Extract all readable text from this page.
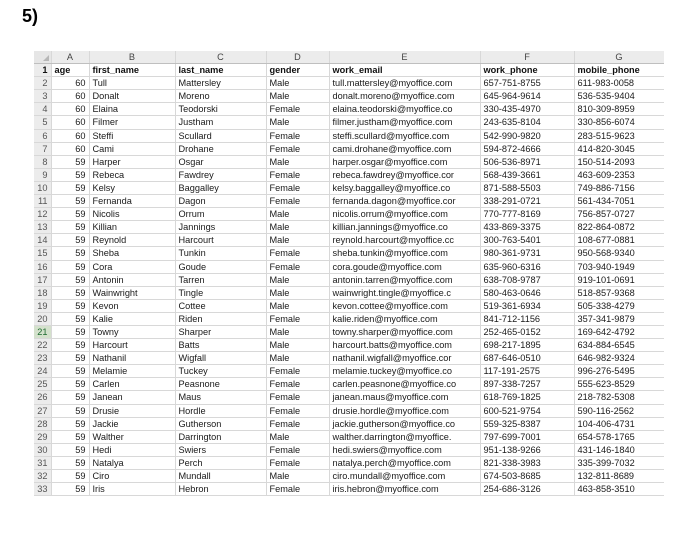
5)
	A	B	C	D	E	F	G
1	age	first_name	last_name	gender	work_email	work_phone	mobile_phone
2	60	Tull	Mattersley	Male	tull.mattersley@myoffice.com	657-751-8755	611-983-0058
3	60	Donalt	Moreno	Male	donalt.moreno@myoffice.com	645-964-9614	536-535-9404
4	60	Elaina	Teodorski	Female	elaina.teodorski@myoffice.co	330-435-4970	810-309-8959
5	60	Filmer	Justham	Male	filmer.justham@myoffice.com	243-635-8104	330-856-6074
6	60	Steffi	Scullard	Female	steffi.scullard@myoffice.com	542-990-9820	283-515-9623
7	60	Cami	Drohane	Female	cami.drohane@myoffice.com	594-872-4666	414-820-3045
8	59	Harper	Osgar	Male	harper.osgar@myoffice.com	506-536-8971	150-514-2093
9	59	Rebeca	Fawdrey	Female	rebeca.fawdrey@myoffice.cor	568-439-3661	463-609-2353
10	59	Kelsy	Baggalley	Female	kelsy.baggalley@myoffice.co	871-588-5503	749-886-7156
11	59	Fernanda	Dagon	Female	fernanda.dagon@myoffice.cor	338-291-0721	561-434-7051
12	59	Nicolis	Orrum	Male	nicolis.orrum@myoffice.com	770-777-8169	756-857-0727
13	59	Killian	Jannings	Male	killian.jannings@myoffice.co	433-869-3375	822-864-0872
14	59	Reynold	Harcourt	Male	reynold.harcourt@myoffice.cc	300-763-5401	108-677-0881
15	59	Sheba	Tunkin	Female	sheba.tunkin@myoffice.com	980-361-9731	950-568-9340
16	59	Cora	Goude	Female	cora.goude@myoffice.com	635-960-6316	703-940-1949
17	59	Antonin	Tarren	Male	antonin.tarren@myoffice.com	638-708-9787	919-101-0691
18	59	Wainwright	Tingle	Male	wainwright.tingle@myoffice.c	580-463-0646	518-857-9368
19	59	Kevon	Cottee	Male	kevon.cottee@myoffice.com	519-361-6934	505-338-4279
20	59	Kalie	Riden	Female	kalie.riden@myoffice.com	841-712-1156	357-341-9879
21	59	Towny	Sharper	Male	towny.sharper@myoffice.com	252-465-0152	169-642-4792
22	59	Harcourt	Batts	Male	harcourt.batts@myoffice.com	698-217-1895	634-884-6545
23	59	Nathanil	Wigfall	Male	nathanil.wigfall@myoffice.cor	687-646-0510	646-982-9324
24	59	Melamie	Tuckey	Female	melamie.tuckey@myoffice.co	117-191-2575	996-276-5495
25	59	Carlen	Peasnone	Female	carlen.peasnone@myoffice.co	897-338-7257	555-623-8529
26	59	Janean	Maus	Female	janean.maus@myoffice.com	618-769-1825	218-782-5308
27	59	Drusie	Hordle	Female	drusie.hordle@myoffice.com	600-521-9754	590-116-2562
28	59	Jackie	Gutherson	Female	jackie.gutherson@myoffice.co	559-325-8387	104-406-4731
29	59	Walther	Darrington	Male	walther.darrington@myoffice.	797-699-7001	654-578-1765
30	59	Hedi	Swiers	Female	hedi.swiers@myoffice.com	951-138-9266	431-146-1840
31	59	Natalya	Perch	Female	natalya.perch@myoffice.com	821-338-3983	335-399-7032
32	59	Ciro	Mundall	Male	ciro.mundall@myoffice.com	674-503-8685	132-811-8689
33	59	Iris	Hebron	Female	iris.hebron@myoffice.com	254-686-3126	463-858-3510
